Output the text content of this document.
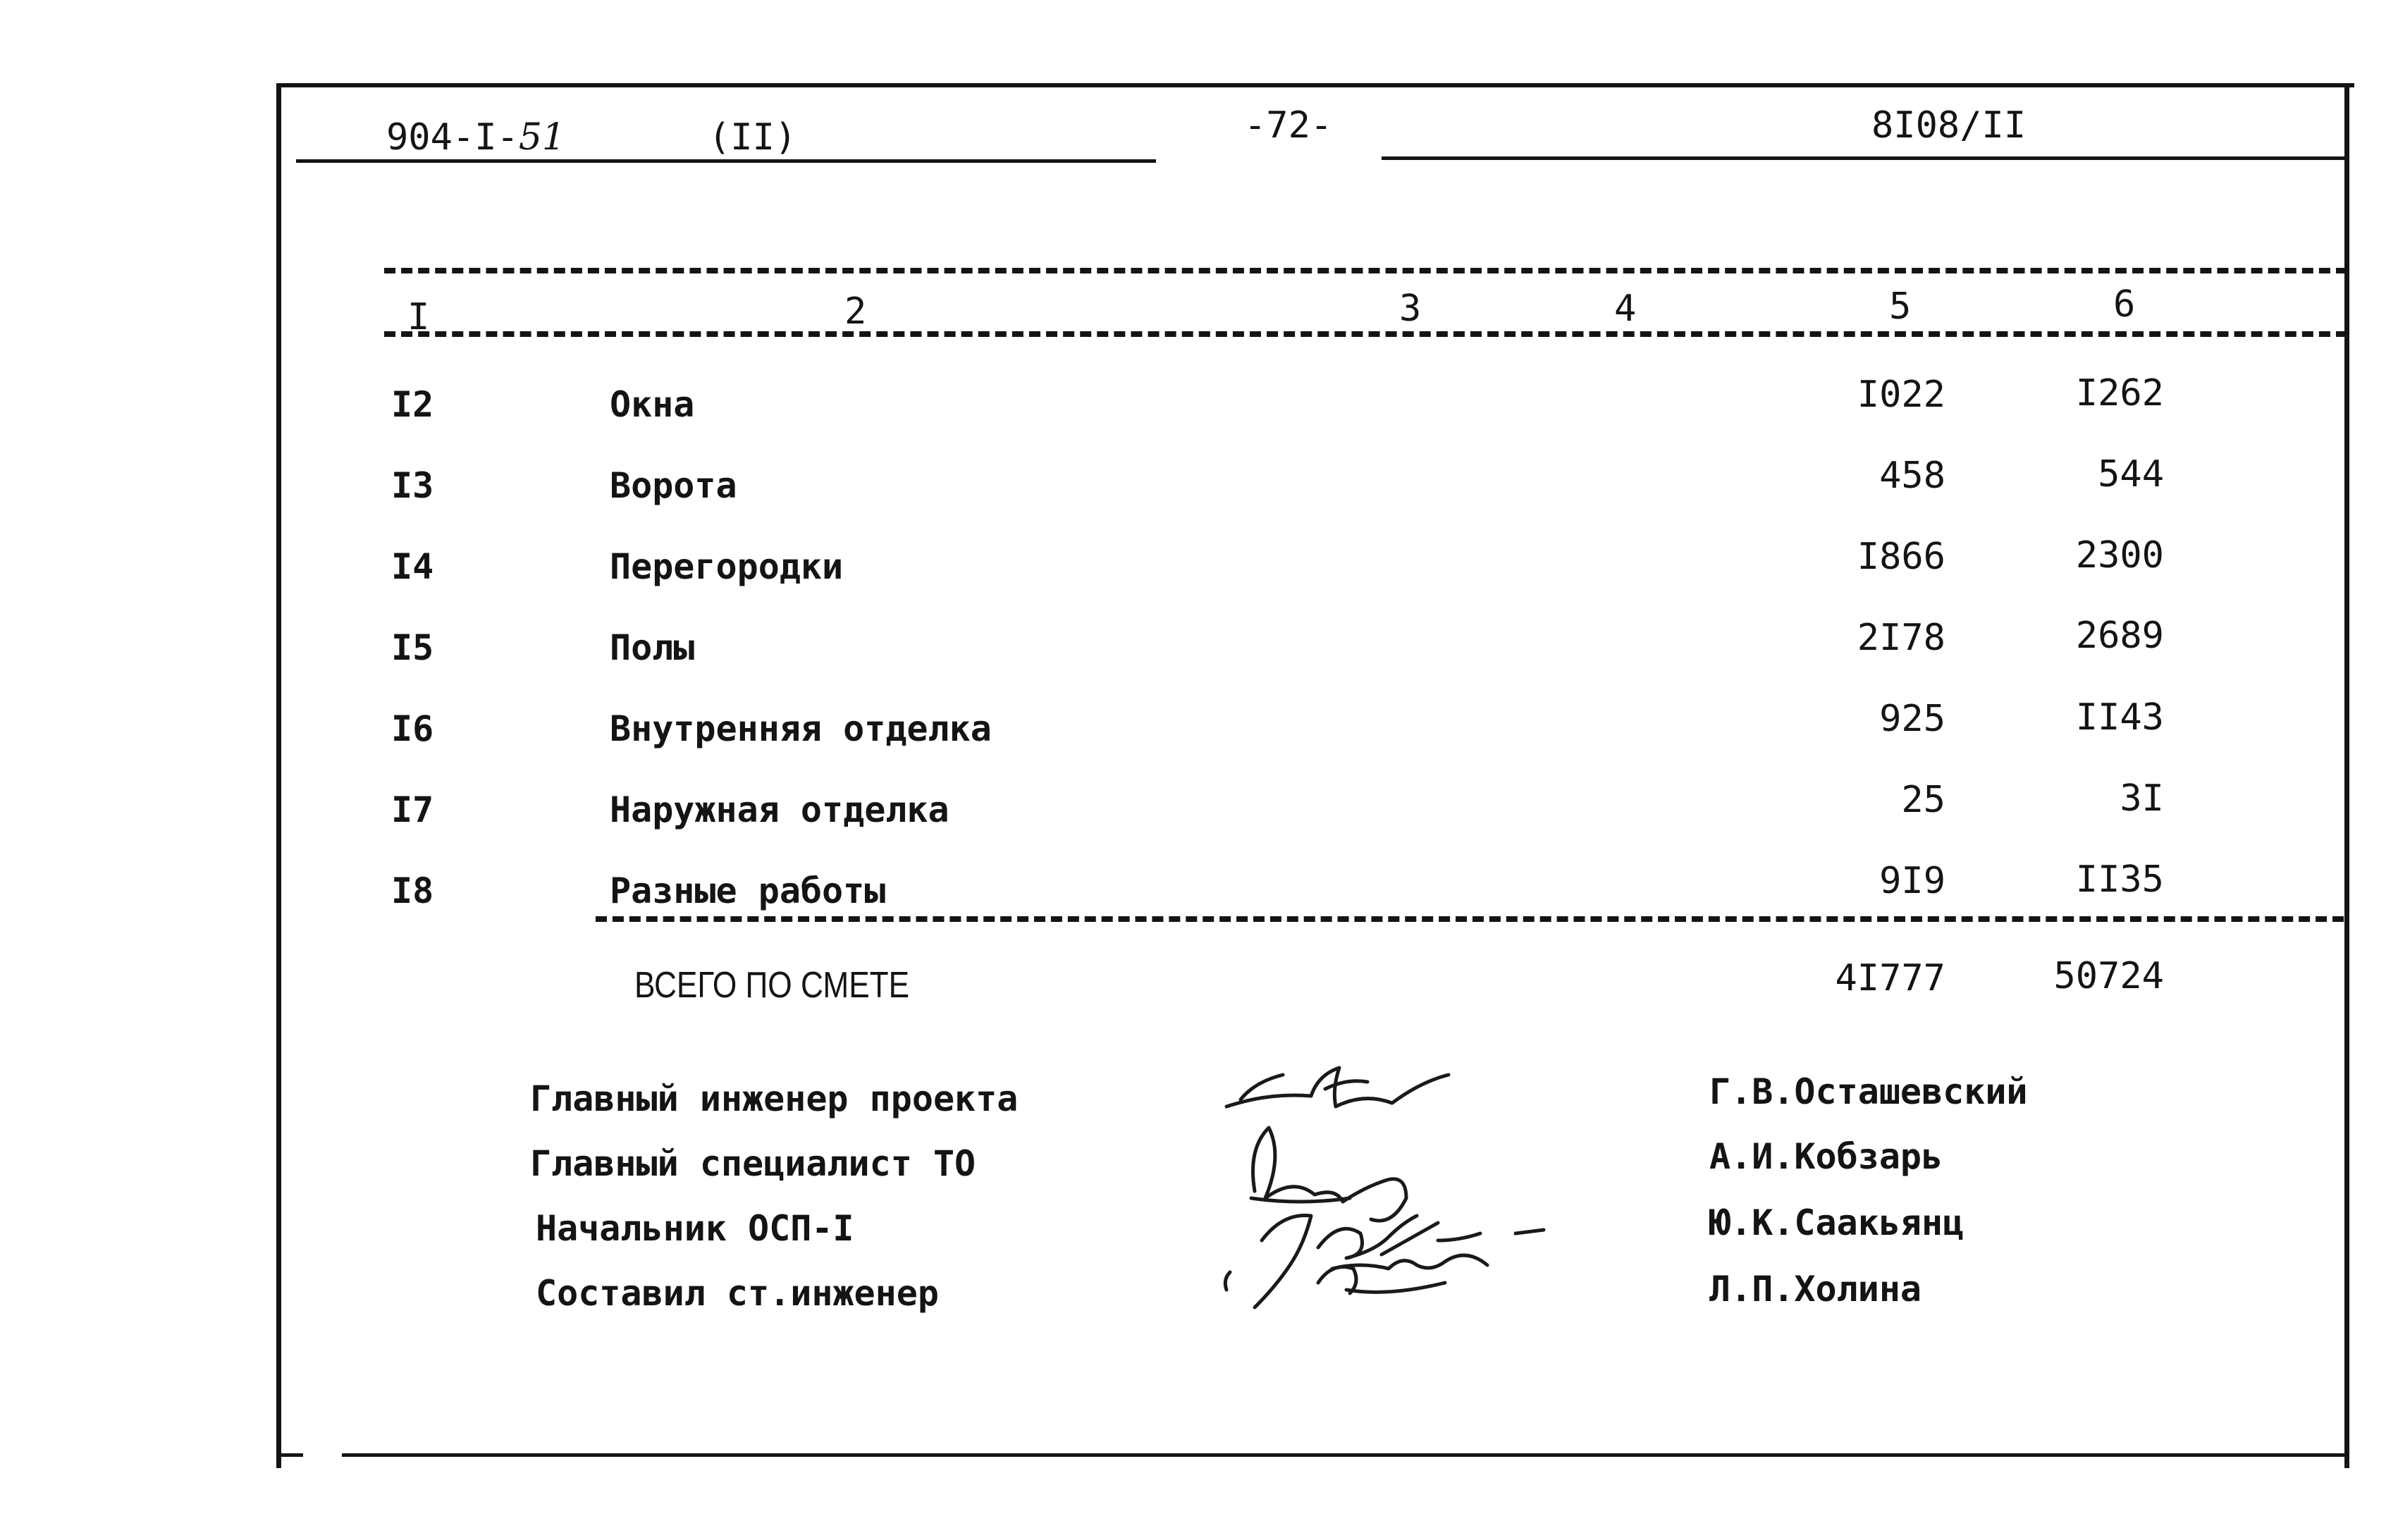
904-I-51	(II)	-72-	8I08/II
I	2	3	4	5	6
I2	Окна	I022	I262
I3	Ворота	458	544
I4	Перегородки	I866	2300
I5	Полы	2I78	2689
I6	Внутренняя отделка	925	II43
I7	Наружная отделка	25	3I
I8	Разные работы	9I9	II35
ВСЕГО ПО СМЕТЕ	4I777	50724
Главный инженер проекта	Г.В.Осташевский
Главный специалист ТО	А.И.Кобзарь
Начальник ОСП-I	Ю.К.Саакьянц
Составил ст.инженер	Л.П.Холина
